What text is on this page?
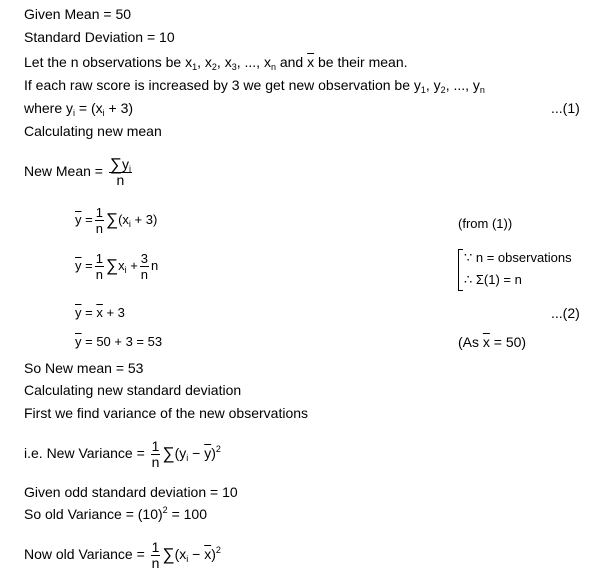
Given Mean = 50
Standard Deviation = 10
Let the n observations be $x_1$, $x_2$, $x_3$, ..., $x_n$ and $\overline{x}$ be their mean.
If each raw score is increased by 3 we get new observation be $y_1$, $y_2$, ..., $y_n$
where $y_i = (x_i + 3)$	...(1)
Calculating new mean
New Mean = $\frac{\sum y_i}{n}$
$\overline{y} = \frac{1}{n} \sum(x_i + 3)$	(from (1))
$\overline{y} = \frac{1}{n} \sum x_i + \frac{3}{n}$ n
∵ n = observations
∴ Σ(1) = n
$\overline{y} = \overline{x} + 3$	...(2)
$\overline{y} = 50 + 3 = 53$	(As $\overline{x} = 50$)
So New mean = 53
Calculating new standard deviation
First we find variance of the new observations
i.e. New Variance = $\frac{1}{n} \sum(y_i - \overline{y})^2$
Given odd standard deviation = 10
So old Variance = $(10)^2 = 100$
Now old Variance = $\frac{1}{n} \sum(x_i - \overline{x})^2$
